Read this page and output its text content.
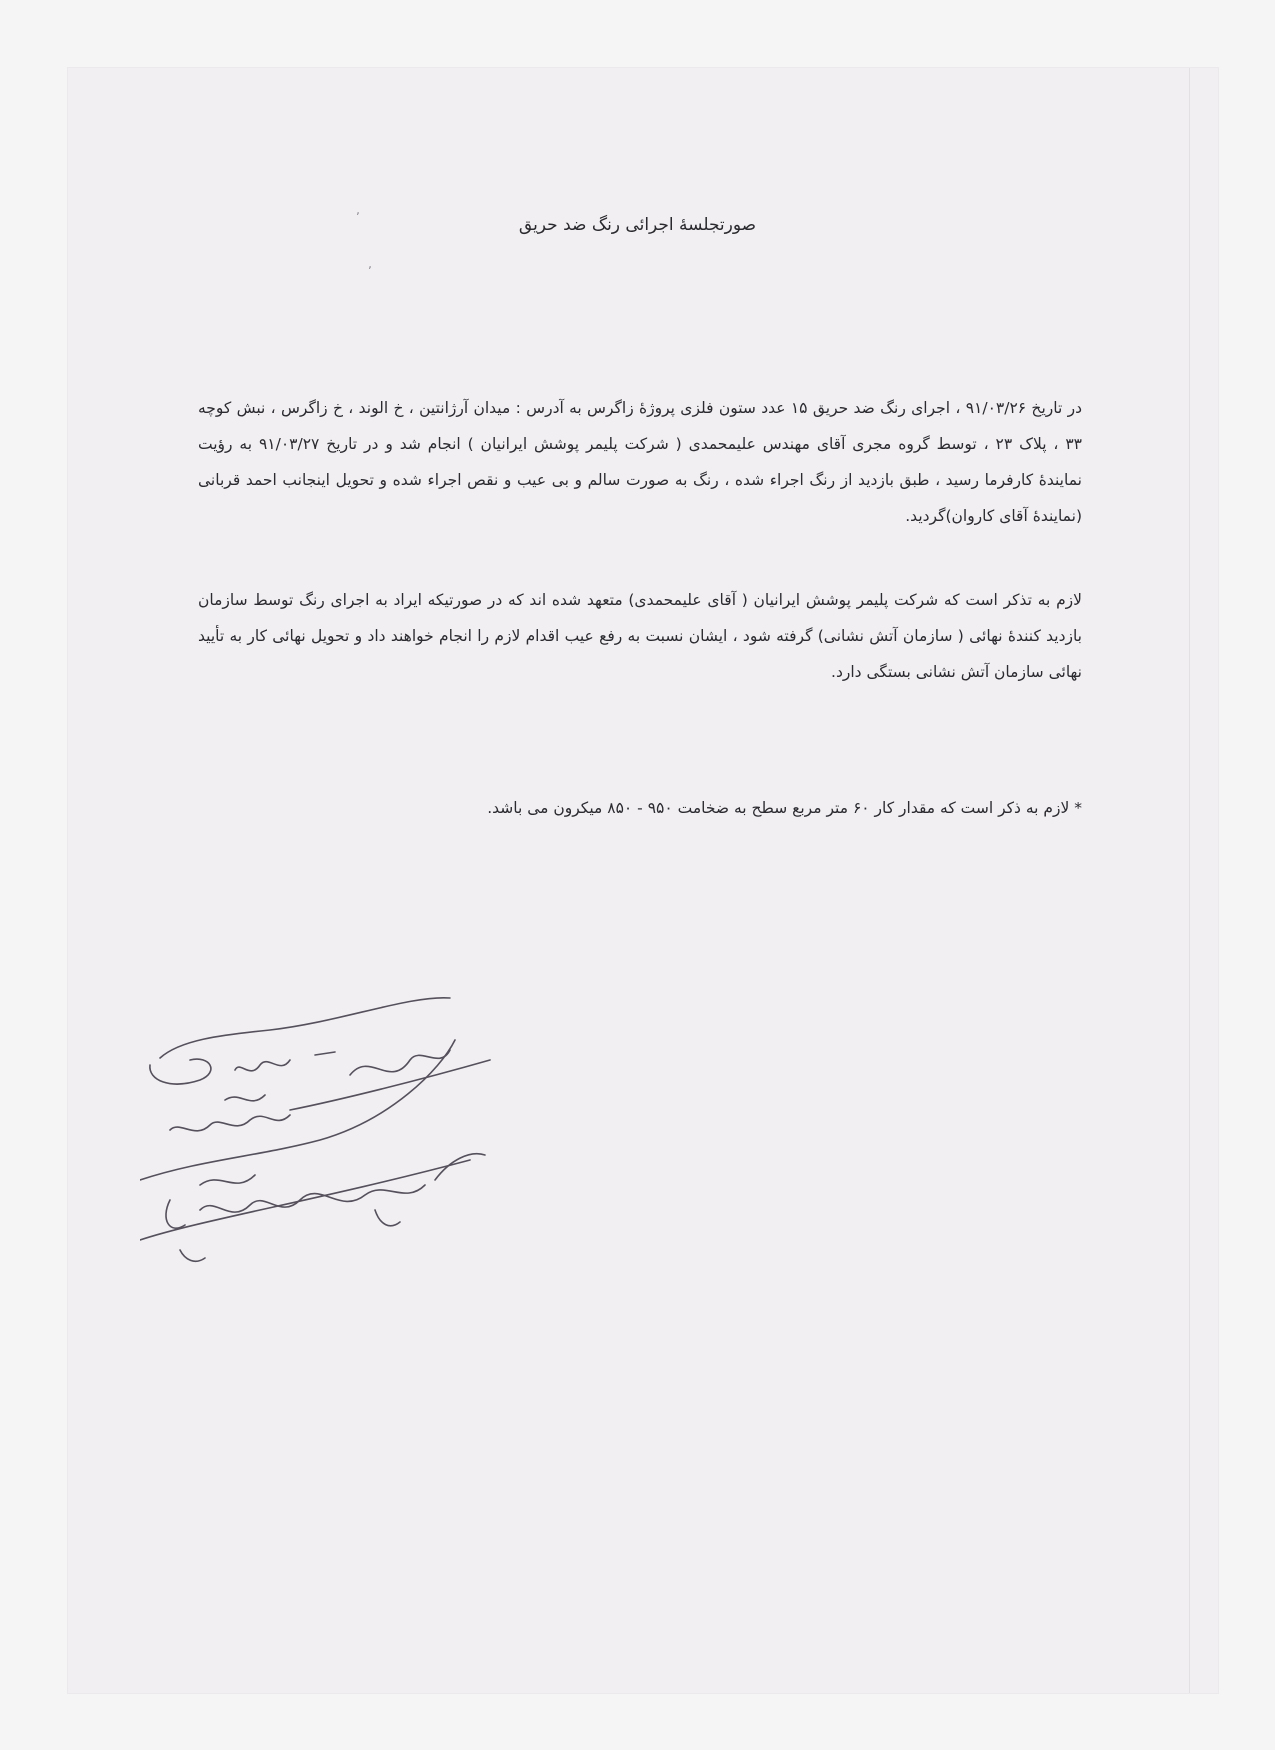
٬
٬
صورتجلسهٔ اجرائی رنگ ضد حریق
در تاریخ ۹۱/۰۳/۲۶ ، اجرای رنگ ضد حریق ۱۵ عدد ستون فلزی پروژهٔ زاگرس به آدرس : میدان آرژانتین ، خ الوند ، خ زاگرس ، نبش کوچه ۳۳ ، پلاک ۲۳ ، توسط گروه مجری آقای مهندس علیمحمدی ( شرکت پلیمر پوشش ایرانیان ) انجام شد و در تاریخ ۹۱/۰۳/۲۷ به رؤیت نمایندهٔ کارفرما رسید ، طبق بازدید از رنگ اجراء شده ، رنگ به صورت سالم و بی عیب و نقص اجراء شده و تحویل اینجانب احمد قربانی (نمایندهٔ آقای کاروان)گردید.
لازم به تذکر است که شرکت پلیمر پوشش ایرانیان ( آقای علیمحمدی) متعهد شده اند که در صورتیکه ایراد به اجرای رنگ توسط سازمان بازدید کنندهٔ نهائی ( سازمان آتش نشانی) گرفته شود ، ایشان نسبت به رفع عیب اقدام لازم را انجام خواهند داد و تحویل نهائی کار به تأیید نهائی سازمان آتش نشانی بستگی دارد.
* لازم به ذکر است که مقدار کار ۶۰ متر مربع سطح به ضخامت ۹۵۰ - ۸۵۰ میکرون می باشد.
